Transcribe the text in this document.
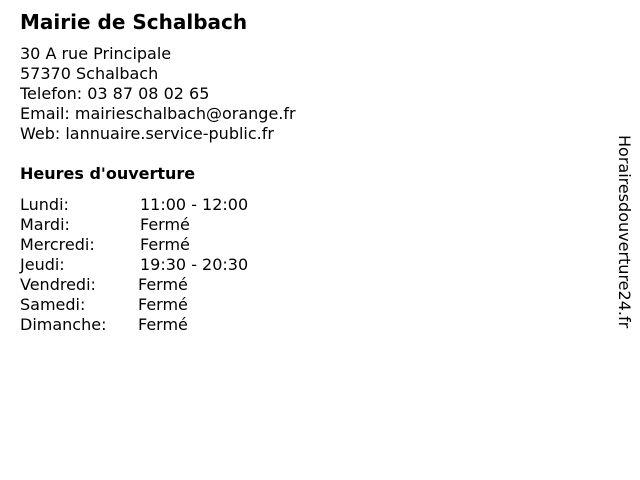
Mairie de Schalbach
30 A rue Principale
57370 Schalbach
Telefon: 03 87 08 02 65
Email: mairieschalbach@orange.fr
Web: lannuaire.service-public.fr
Heures d'ouverture
Lundi:	11:00 - 12:00
Mardi:	Fermé
Mercredi:	Fermé
Jeudi:	19:30 - 20:30
Vendredi:	Fermé
Samedi:	Fermé
Dimanche: Fermé	Horairesdouverture24.fr
